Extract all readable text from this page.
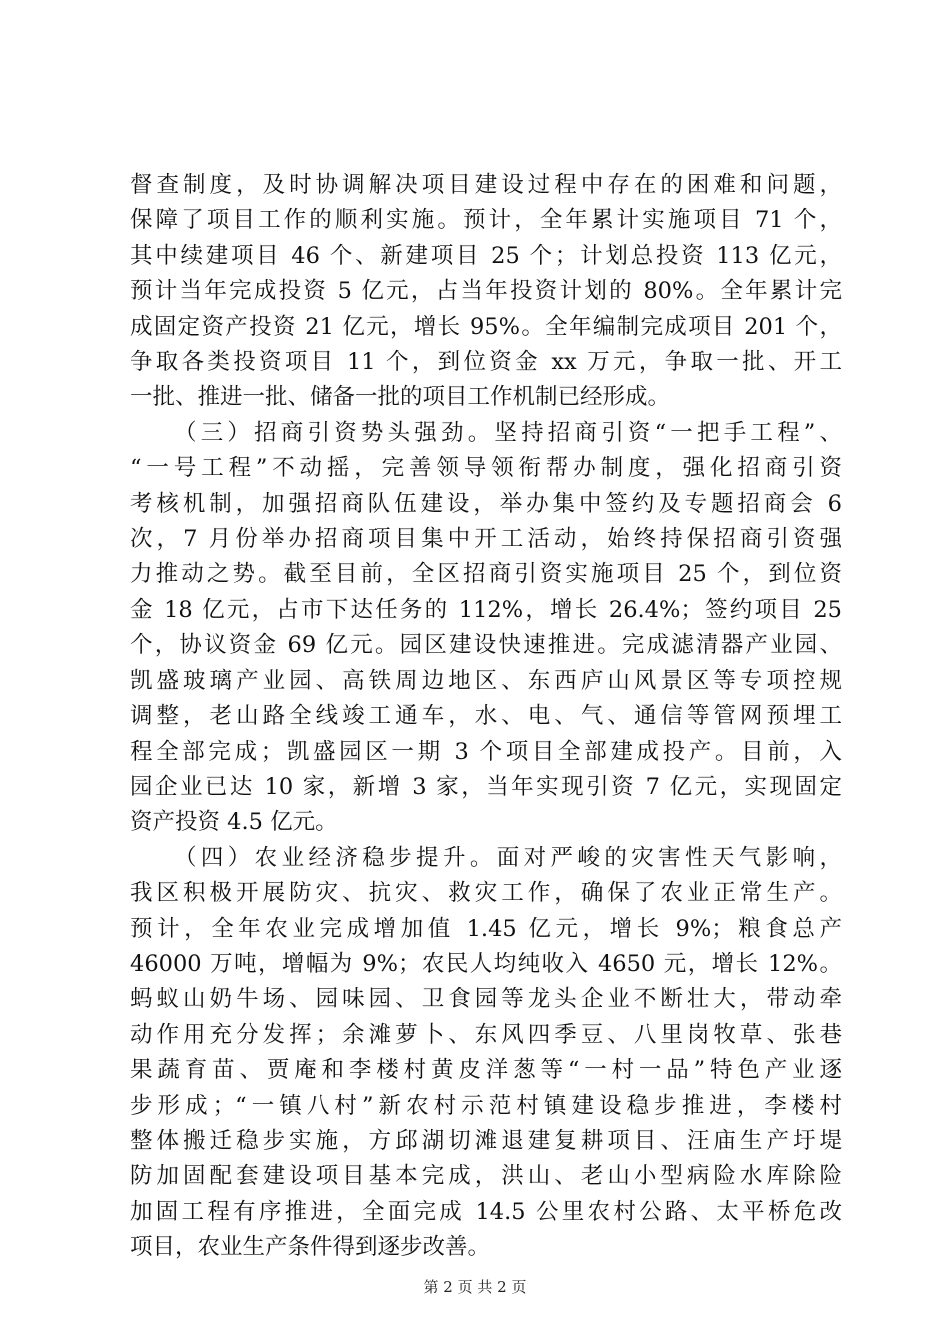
督查制度，及时协调解决项目建设过程中存在的困难和问题，
保障了项目工作的顺利实施。预计，全年累计实施项目 71 个，
其中续建项目 46 个、新建项目 25 个；计划总投资 113 亿元，
预计当年完成投资 5 亿元，占当年投资计划的 80%。全年累计完
成固定资产投资 21 亿元，增长 95%。全年编制完成项目 201 个，
争取各类投资项目 11 个，到位资金 xx 万元，争取一批、开工
一批、推进一批、储备一批的项目工作机制已经形成。

（三）招商引资势头强劲。坚持招商引资“一把手工程”、
“一号工程”不动摇，完善领导领衔帮办制度，强化招商引资
考核机制，加强招商队伍建设，举办集中签约及专题招商会 6
次，7 月份举办招商项目集中开工活动，始终持保招商引资强
力推动之势。截至目前，全区招商引资实施项目 25 个，到位资
金 18 亿元，占市下达任务的 112%，增长 26.4%；签约项目 25
个，协议资金 69 亿元。园区建设快速推进。完成滤清器产业园、
凯盛玻璃产业园、高铁周边地区、东西庐山风景区等专项控规
调整，老山路全线竣工通车，水、电、气、通信等管网预埋工
程全部完成；凯盛园区一期 3 个项目全部建成投产。目前，入
园企业已达 10 家，新增 3 家，当年实现引资 7 亿元，实现固定
资产投资 4.5 亿元。

（四）农业经济稳步提升。面对严峻的灾害性天气影响，
我区积极开展防灾、抗灾、救灾工作，确保了农业正常生产。
预计，全年农业完成增加值 1.45 亿元，增长 9%；粮食总产
46000 万吨，增幅为 9%；农民人均纯收入 4650 元，增长 12%。
蚂蚁山奶牛场、园味园、卫食园等龙头企业不断壮大，带动牵
动作用充分发挥；余滩萝卜、东风四季豆、八里岗牧草、张巷
果蔬育苗、贾庵和李楼村黄皮洋葱等“一村一品”特色产业逐
步形成；“一镇八村”新农村示范村镇建设稳步推进，李楼村
整体搬迁稳步实施，方邱湖切滩退建复耕项目、汪庙生产圩堤
防加固配套建设项目基本完成，洪山、老山小型病险水库除险
加固工程有序推进，全面完成 14.5 公里农村公路、太平桥危改
项目，农业生产条件得到逐步改善。

第 2 页 共 2 页
